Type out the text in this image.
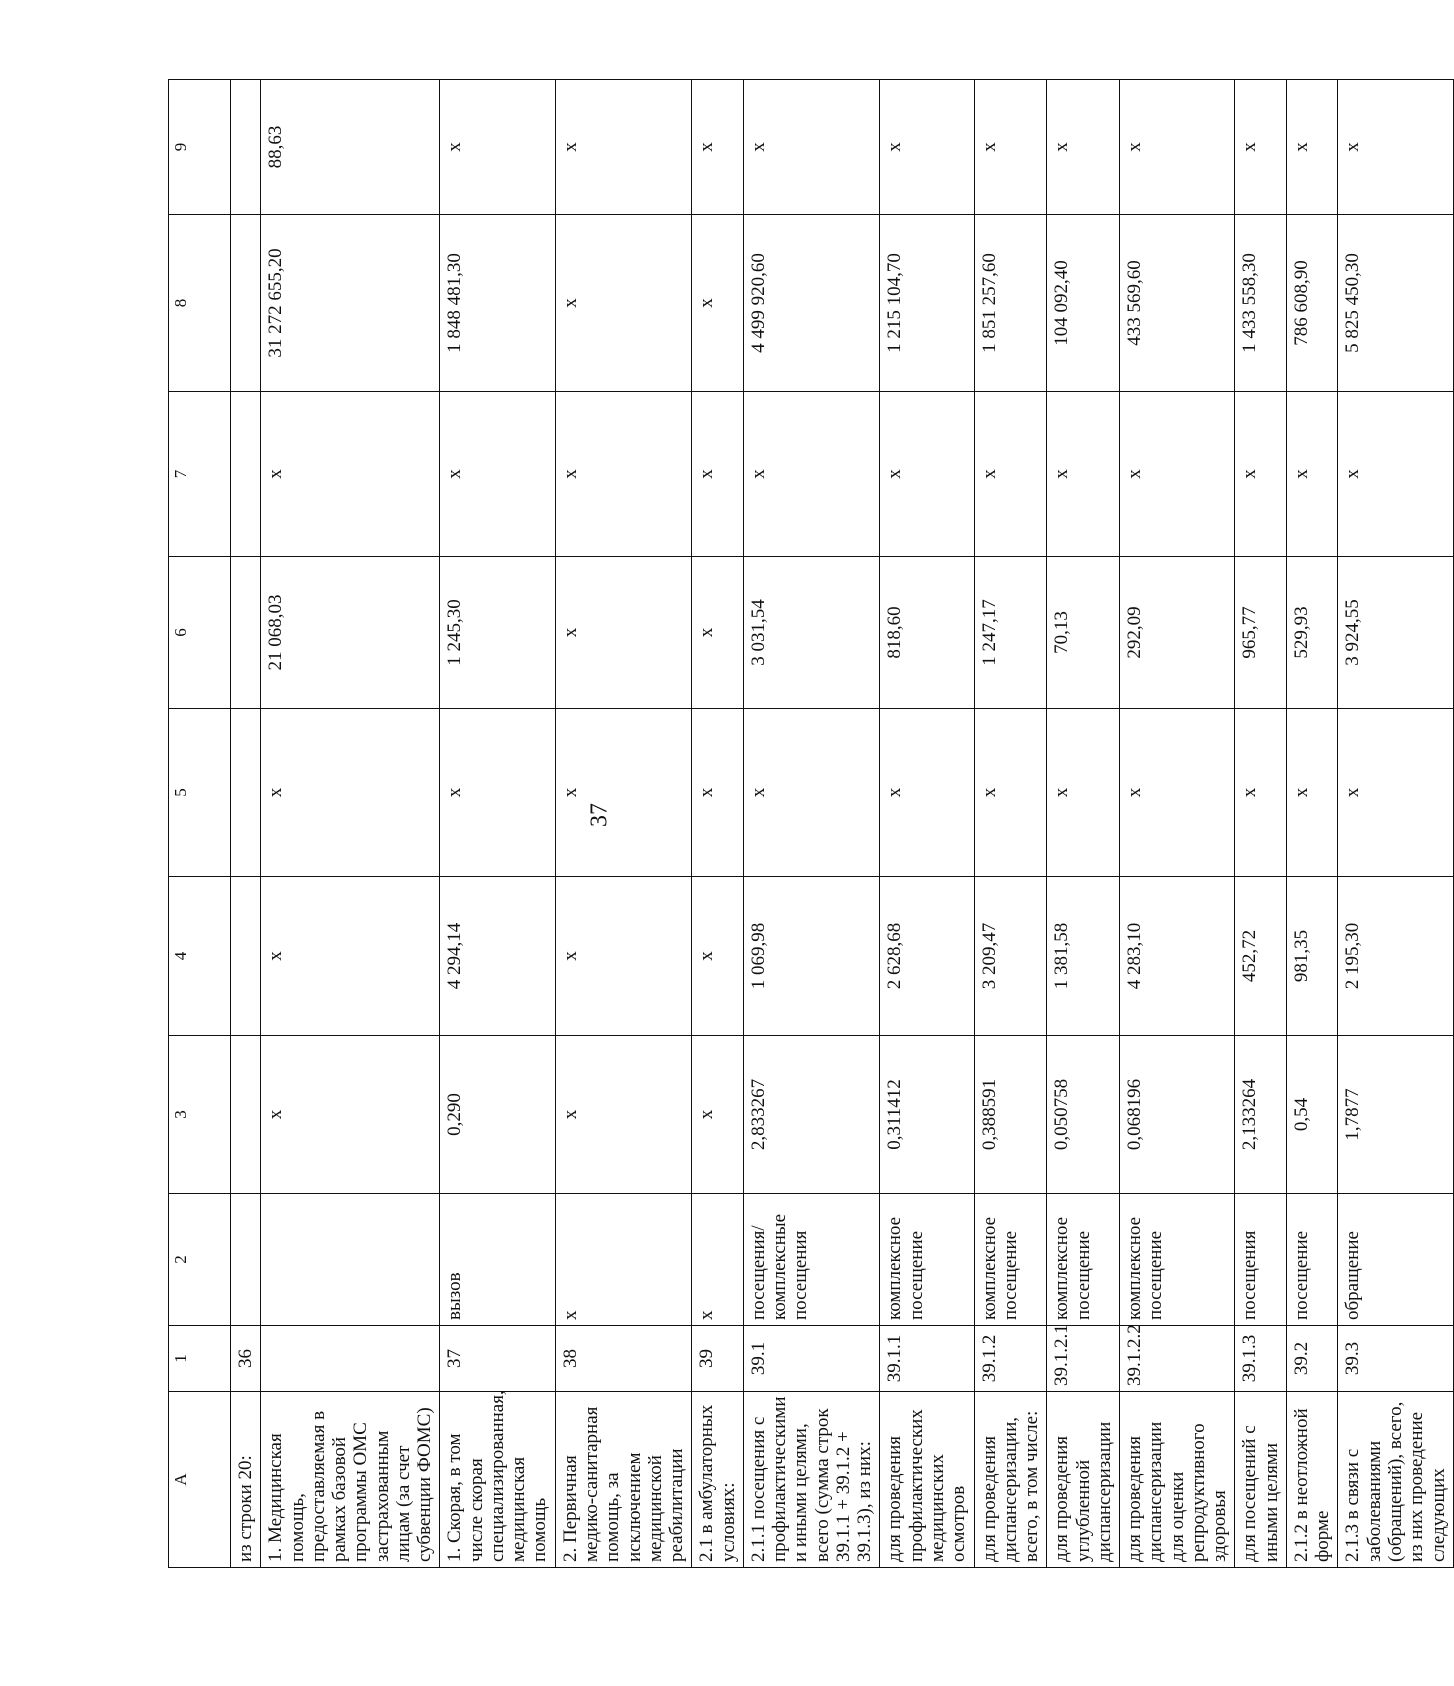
37
А	1	2	3	4	5	6	7	8	9
из строки 20:	36								
1. Медицинская помощь, предоставляемая в рамках базовой программы ОМС застрахованным лицам (за счет субвенции ФОМС)			х	х	х	21 068,03	х	31 272 655,20	88,63
1. Скорая, в том числе скорая специализированная, медицинская помощь	37	вызов	0,290	4 294,14	х	1 245,30	х	1 848 481,30	х
2. Первичная медико-санитарная помощь, за исключением медицинской реабилитации	38	х	х	х	х	х	х	х	х
2.1 в амбулаторных условиях:	39	х	х	х	х	х	х	х	х
2.1.1 посещения с профилактическими и иными целями, всего (сумма строк 39.1.1 + 39.1.2 + 39.1.3), из них:	39.1	посещения/ комплексные посещения	2,833267	1 069,98	х	3 031,54	х	4 499 920,60	х
для проведения профилактических медицинских осмотров	39.1.1	комплексное посещение	0,311412	2 628,68	х	818,60	х	1 215 104,70	х
для проведения диспансеризации, всего, в том числе:	39.1.2	комплексное посещение	0,388591	3 209,47	х	1 247,17	х	1 851 257,60	х
для проведения углубленной диспансеризации	39.1.2.1	комплексное посещение	0,050758	1 381,58	х	70,13	х	104 092,40	х
для проведения диспансеризации для оценки репродуктивного здоровья	39.1.2.2	комплексное посещение	0,068196	4 283,10	х	292,09	х	433 569,60	х
для посещений с иными целями	39.1.3	посещения	2,133264	452,72	х	965,77	х	1 433 558,30	х
2.1.2 в неотложной форме	39.2	посещение	0,54	981,35	х	529,93	х	786 608,90	х
2.1.3 в связи с заболеваниями (обращений), всего, из них проведение следующих	39.3	обращение	1,7877	2 195,30	х	3 924,55	х	5 825 450,30	х
